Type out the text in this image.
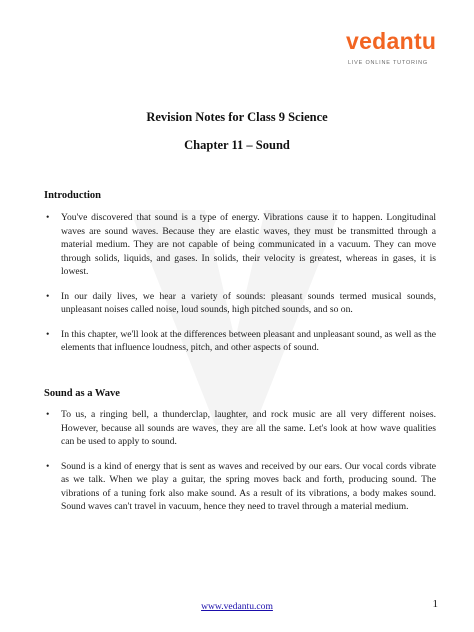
vedantu
LIVE ONLINE TUTORING
Revision Notes for Class 9 Science
Chapter 11 – Sound
Introduction
• You've discovered that sound is a type of energy. Vibrations cause it to happen. Longitudinal waves are sound waves. Because they are elastic waves, they must be transmitted through a material medium. They are not capable of being communicated in a vacuum. They can move through solids, liquids, and gases. In solids, their velocity is greatest, whereas in gases, it is lowest.
• In our daily lives, we hear a variety of sounds: pleasant sounds termed musical sounds, unpleasant noises called noise, loud sounds, high pitched sounds, and so on.
• In this chapter, we'll look at the differences between pleasant and unpleasant sound, as well as the elements that influence loudness, pitch, and other aspects of sound.
Sound as a Wave
• To us, a ringing bell, a thunderclap, laughter, and rock music are all very different noises. However, because all sounds are waves, they are all the same. Let's look at how wave qualities can be used to apply to sound.
• Sound is a kind of energy that is sent as waves and received by our ears. Our vocal cords vibrate as we talk. When we play a guitar, the spring moves back and forth, producing sound. The vibrations of a tuning fork also make sound. As a result of its vibrations, a body makes sound. Sound waves can't travel in vacuum, hence they need to travel through a material medium.
www.vedantu.com	1
